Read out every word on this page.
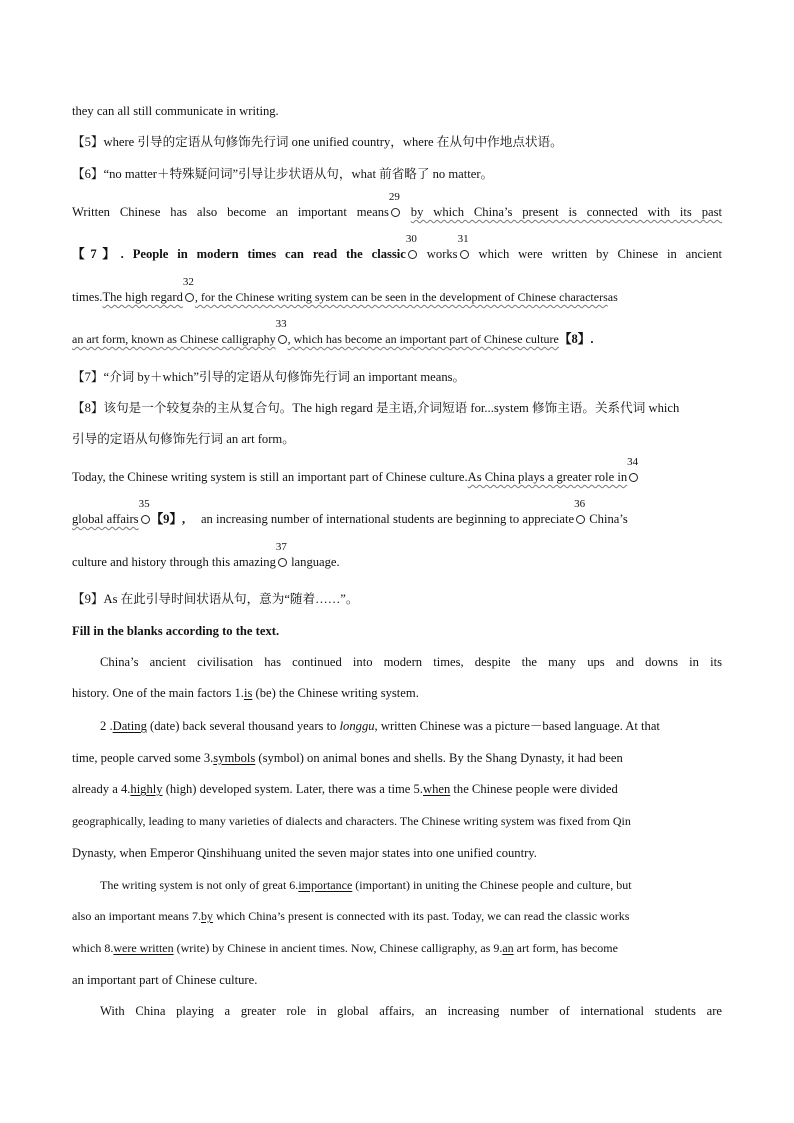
they can all still communicate in writing.
【5】where 引导的定语从句修饰先行词 one unified country，where 在从句中作地点状语。
【6】“no matter＋特殊疑问词”引导让步状语从句，what 前省略了 no matter。
Written Chinese has also become an important means
29
by which China’s present is connected with its past
【7】. People in modern times can read the classic
30
works
31
which were written by Chinese in ancient
times.The high regard
32
, for the Chinese writing system can be seen in the development of Chinese charactersas
an art form, known as Chinese calligraphy
33
, which has become an important part of Chinese culture【8】.
【7】“介词 by＋which”引导的定语从句修饰先行词 an important means。
【8】该句是一个较复杂的主从复合句。The high regard 是主语,介词短语 for...system 修饰主语。关系代词 which
引导的定语从句修饰先行词 an art form。
Today, the Chinese writing system is still an important part of Chinese culture.As China plays a greater role in
34
global affairs
35
【9】, an increasing number of international students are beginning to appreciate
36
China’s
culture and history through this amazing
37
language.
【9】As 在此引导时间状语从句，意为“随着……”。
Fill in the blanks according to the text.
China’s ancient civilisation has continued into modern times, despite the many ups and downs in its
history. One of the main factors 1.is (be) the Chinese writing system.
2 .Dating (date) back several thousand years to longgu, written Chinese was a picture－based language. At that
time, people carved some 3.symbols (symbol) on animal bones and shells. By the Shang Dynasty, it had been
already a 4.highly (high) developed system. Later, there was a time 5.when the Chinese people were divided
geographically, leading to many varieties of dialects and characters. The Chinese writing system was fixed from Qin
Dynasty, when Emperor Qinshihuang united the seven major states into one unified country.
The writing system is not only of great 6.importance (important) in uniting the Chinese people and culture, but
also an important means 7.by which China’s present is connected with its past. Today, we can read the classic works
which 8.were written (write) by Chinese in ancient times. Now, Chinese calligraphy, as 9.an art form, has become
an important part of Chinese culture.
With China playing a greater role in global affairs, an increasing number of international students are
